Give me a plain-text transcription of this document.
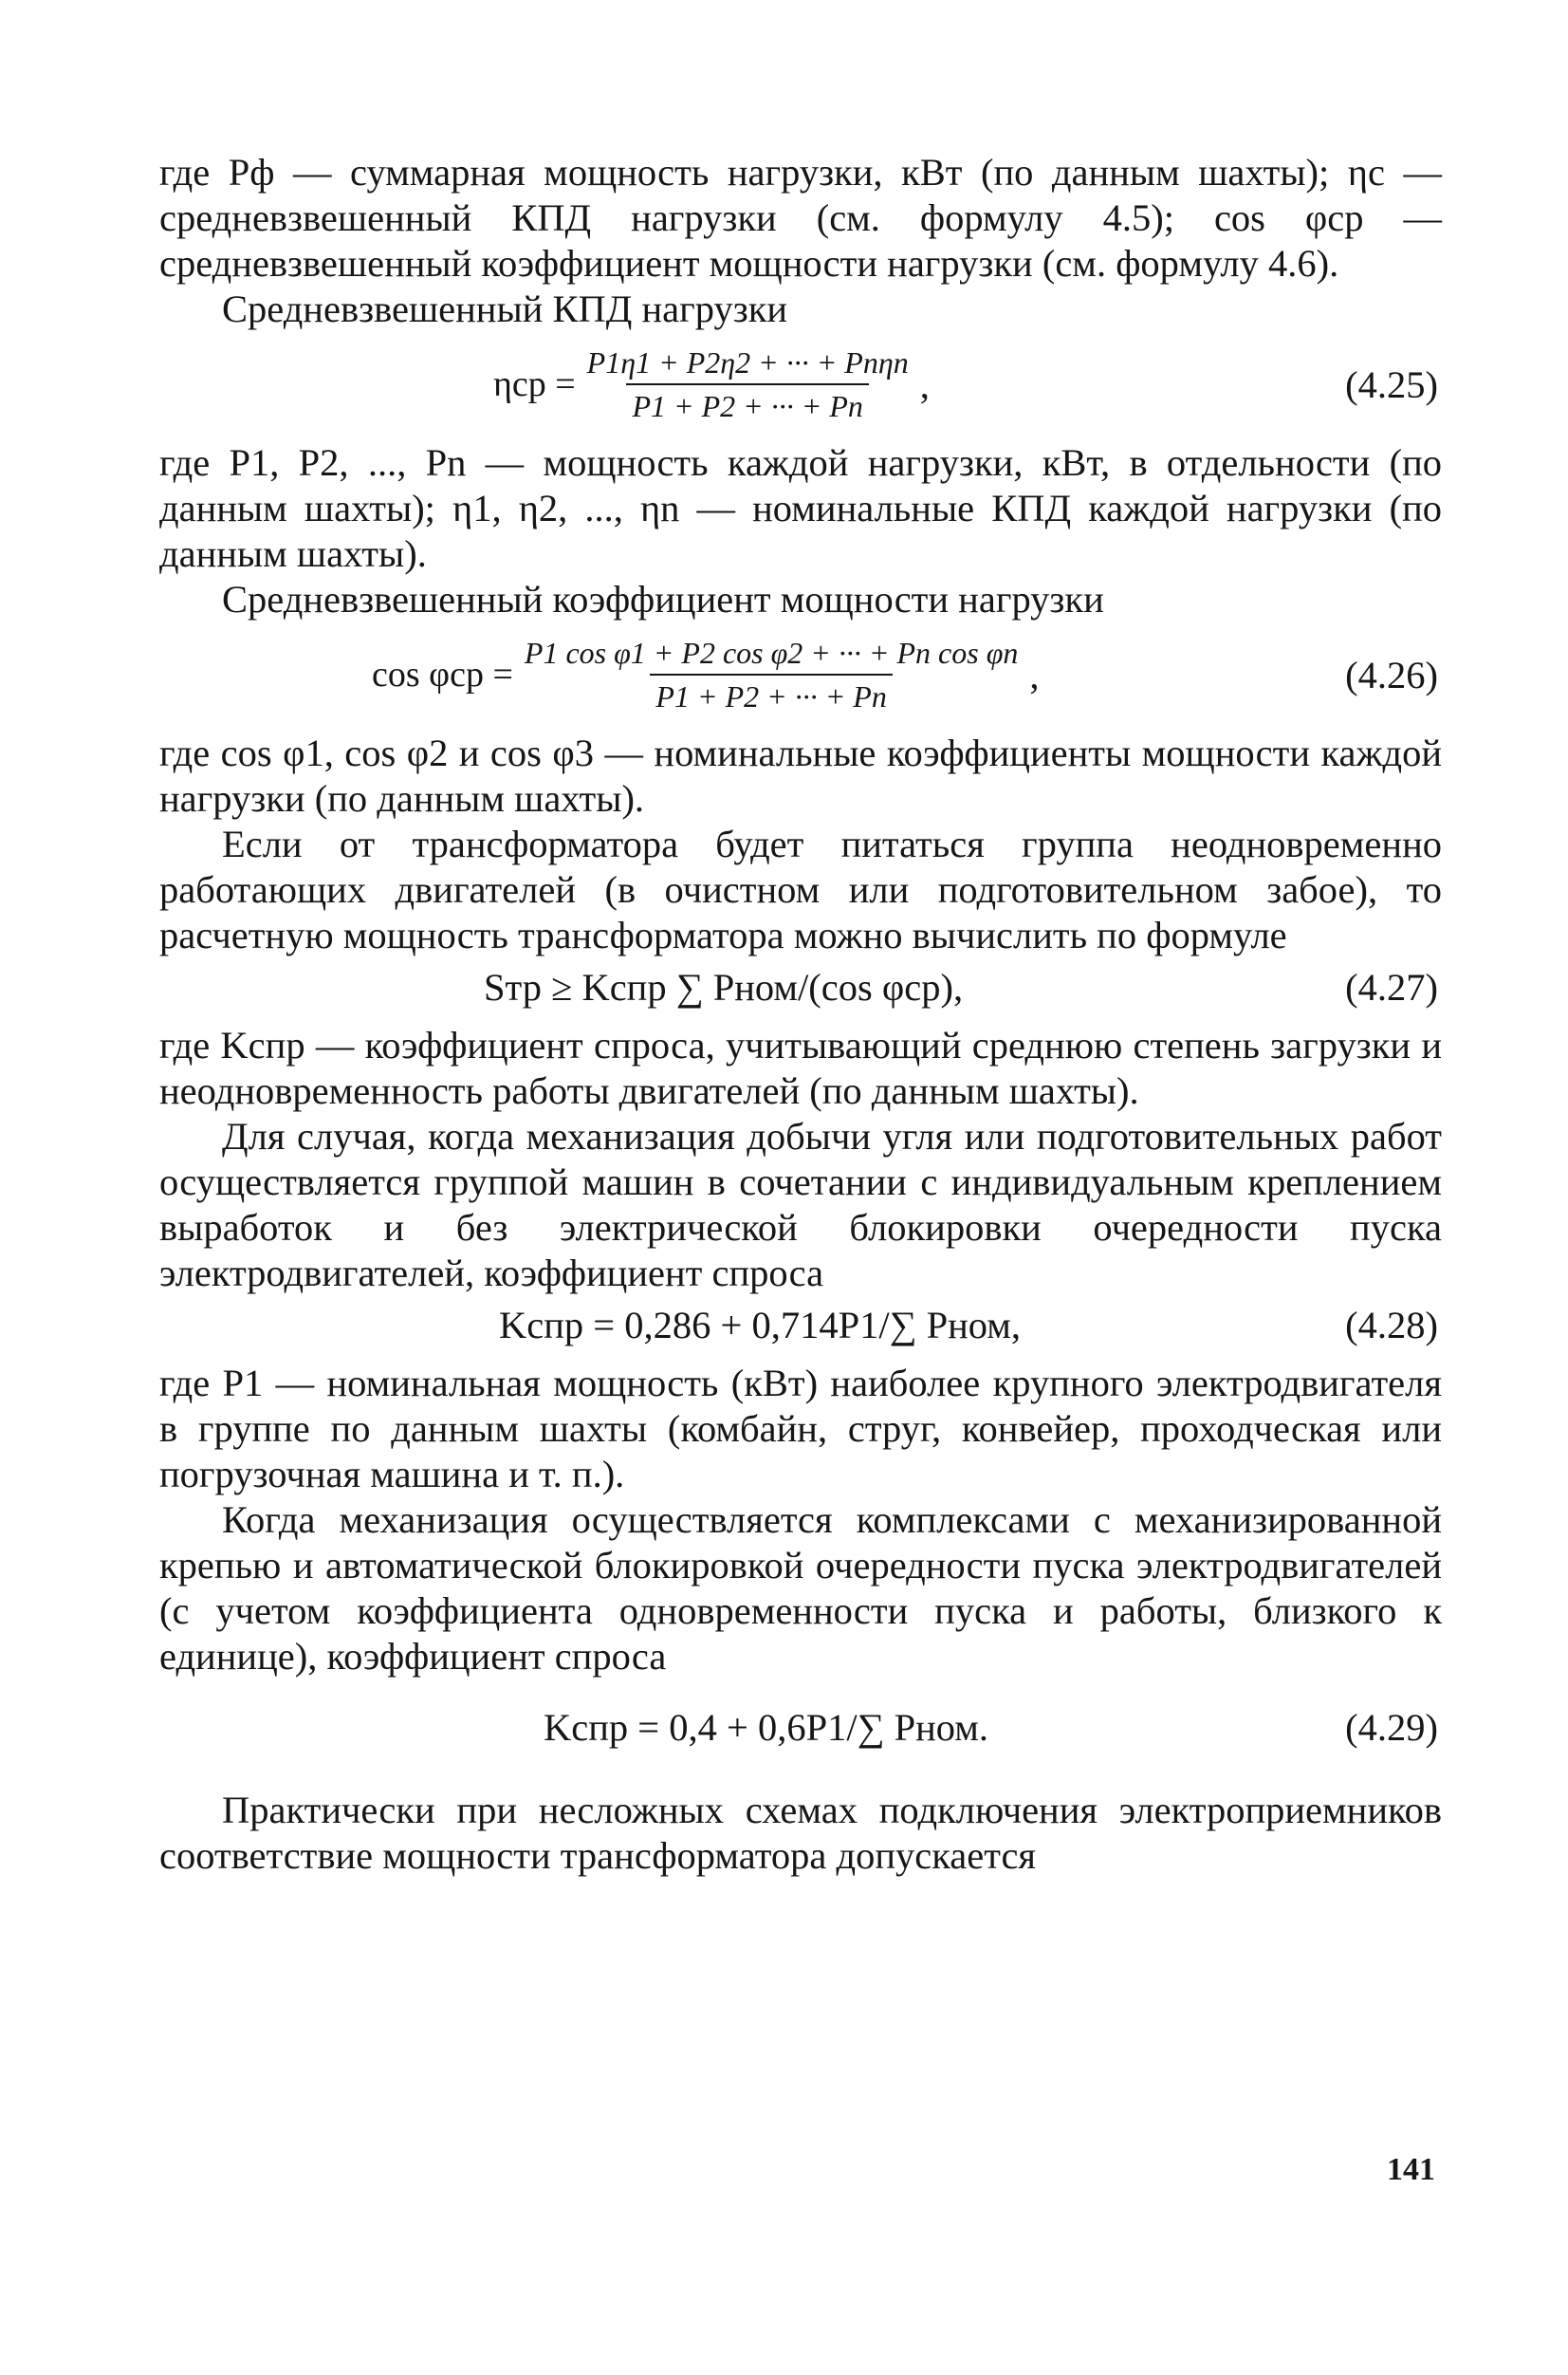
где Pф — суммарная мощность нагрузки, кВт (по данным шахты); ηс — средневзвешенный КПД нагрузки (см. формулу 4.5); cos φср — средневзвешенный коэффициент мощности нагрузки (см. формулу 4.6).

Средневзвешенный КПД нагрузки

$\eta ср = \frac{\text{P1η1 + P2η2 + ··· + Pnηn}}{P1 + P2 + \cdot\cdot\cdot + Pn}$ ,	(4.25)

где P1, P2, ..., Pn — мощность каждой нагрузки, кВт, в отдельности (по данным шахты); η1, η2, ..., ηn — номинальные КПД каждой нагрузки (по данным шахты).

Средневзвешенный коэффициент мощности нагрузки

$\cos \varphi ср = \frac{\text{P1 cos φ1 + P2 cos φ2 + ··· + Pn cos φn}}{P1 + P2 + \cdot\cdot\cdot + Pn}$ ,	(4.26)

где cos φ1, cos φ2 и cos φ3 — номинальные коэффициенты мощности каждой нагрузки (по данным шахты).

Если от трансформатора будет питаться группа неодновременно работающих двигателей (в очистном или подготовительном забое), то расчетную мощность трансформатора можно вычислить по формуле

Sтр ≥ Kспр ∑ Pном/(cos φср),	(4.27)

где Kспр — коэффициент спроса, учитывающий среднюю степень загрузки и неодновременность работы двигателей (по данным шахты).

Для случая, когда механизация добычи угля или подготовительных работ осуществляется группой машин в сочетании с индивидуальным креплением выработок и без электрической блокировки очередности пуска электродвигателей, коэффициент спроса

Kспр = 0,286 + 0,714P1/∑ Pном,	(4.28)

где P1 — номинальная мощность (кВт) наиболее крупного электродвигателя в группе по данным шахты (комбайн, струг, конвейер, проходческая или погрузочная машина и т. п.).

Когда механизация осуществляется комплексами с механизированной крепью и автоматической блокировкой очередности пуска электродвигателей (с учетом коэффициента одновременности пуска и работы, близкого к единице), коэффициент спроса

Kспр = 0,4 + 0,6P1/∑ Pном.	(4.29)

Практически при несложных схемах подключения электроприемников соответствие мощности трансформатора допускается

141
